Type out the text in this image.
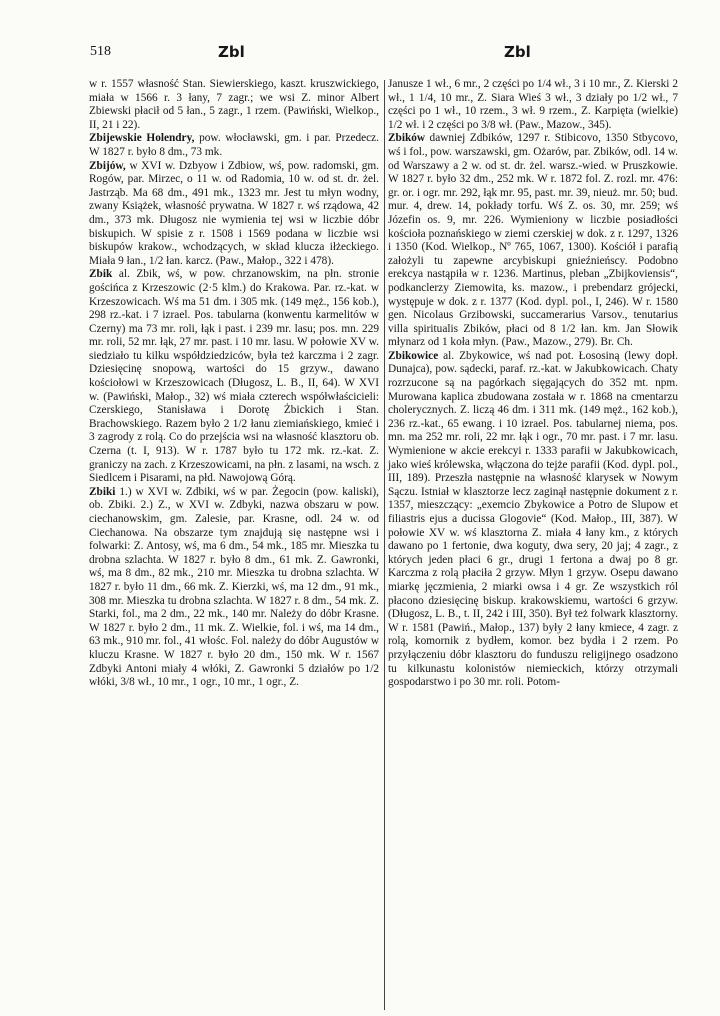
518	Zbl	Zbl

w r. 1557 własność Stan. Siewierskiego, kaszt. kruszwickiego, miała w 1566 r. 3 łany, 7 zagr.; we wsi Z. minor Albert Zbiewski płacił od 5 łan., 5 zagr., 1 rzem. (Pawiński, Wielkop., II, 21 i 22).

Zbijewskie Holendry, pow. włocławski, gm. i par. Przedecz. W 1827 r. było 8 dm., 73 mk.

Zbijów, w XVI w. Dzbyow i Zdbiow, wś, pow. radomski, gm. Rogów, par. Mirzec, o 11 w. od Radomia, 10 w. od st. dr. żel. Jastrząb. Ma 68 dm., 491 mk., 1323 mr. Jest tu młyn wodny, zwany Książek, własność prywatna. W 1827 r. wś rządowa, 42 dm., 373 mk. Długosz nie wymienia tej wsi w liczbie dóbr biskupich. W spisie z r. 1508 i 1569 podana w liczbie wsi biskupów krakow., wchodzących, w skład klucza iłżeckiego. Miała 9 łan., 1/2 łan. karcz. (Paw., Małop., 322 i 478).

Zbik al. Zbik, wś, w pow. chrzanowskim, na płn. stronie gościńca z Krzeszowic (2·5 klm.) do Krakowa. Par. rz.-kat. w Krzeszowicach. Wś ma 51 dm. i 305 mk. (149 męż., 156 kob.), 298 rz.-kat. i 7 izrael. Pos. tabularna (konwentu karmelitów w Czerny) ma 73 mr. roli, łąk i past. i 239 mr. lasu; pos. mn. 229 mr. roli, 52 mr. łąk, 27 mr. past. i 10 mr. lasu. W połowie XV w. siedziało tu kilku współdziedziców, była też karczma i 2 zagr. Dziesięcinę snopową, wartości do 15 grzyw., dawano kościołowi w Krzeszowicach (Długosz, L. B., II, 64). W XVI w. (Pawiński, Małop., 32) wś miała czterech współwłaścicieli: Czerskiego, Stanisława i Dorotę Żbickich i Stan. Brachowskiego. Razem było 2 1/2 łanu ziemiańskiego, kmieć i 3 zagrody z rolą. Co do przejścia wsi na własność klasztoru ob. Czerna (t. I, 913). W r. 1787 było tu 172 mk. rz.-kat. Z. graniczy na zach. z Krzeszowicami, na płn. z lasami, na wsch. z Siedlcem i Pisarami, na płd. Nawojową Górą.

Zbiki 1.) w XVI w. Zdbiki, wś w par. Żegocin (pow. kaliski), ob. Zbiki. 2.) Z., w XVI w. Zdbyki, nazwa obszaru w pow. ciechanowskim, gm. Zalesie, par. Krasne, odl. 24 w. od Ciechanowa. Na obszarze tym znajdują się następne wsi i folwarki: Z. Antosy, wś, ma 6 dm., 54 mk., 185 mr. Mieszka tu drobna szlachta. W 1827 r. było 8 dm., 61 mk. Z. Gawronki, wś, ma 8 dm., 82 mk., 210 mr. Mieszka tu drobna szlachta. W 1827 r. było 11 dm., 66 mk. Z. Kierzki, wś, ma 12 dm., 91 mk., 308 mr. Mieszka tu drobna szlachta. W 1827 r. 8 dm., 54 mk. Z. Starki, fol., ma 2 dm., 22 mk., 140 mr. Należy do dóbr Krasne. W 1827 r. było 2 dm., 11 mk. Z. Wielkie, fol. i wś, ma 14 dm., 63 mk., 910 mr. fol., 41 włośc. Fol. należy do dóbr Augustów w kluczu Krasne. W 1827 r. było 20 dm., 150 mk. W r. 1567 Zdbyki Antoni miały 4 włóki, Z. Gawronki 5 działów po 1/2 włóki, 3/8 wł., 10 mr., 1 ogr., 10 mr., 1 ogr., Z.

Janusze 1 wł., 6 mr., 2 części po 1/4 wł., 3 i 10 mr., Z. Kierski 2 wł., 1 1/4, 10 mr., Z. Siara Wieś 3 wł., 3 działy po 1/2 wł., 7 części po 1 wł., 10 rzem., 3 wł. 9 rzem., Z. Karpięta (wielkie) 1/2 wł. i 2 części po 3/8 wł. (Paw., Mazow., 345).

Zbików dawniej Zdbików, 1297 r. Stibicovo, 1350 Stbycovo, wś i fol., pow. warszawski, gm. Ożarów, par. Zbików, odl. 14 w. od Warszawy a 2 w. od st. dr. żel. warsz.-wied. w Pruszkowie. W 1827 r. było 32 dm., 252 mk. W r. 1872 fol. Z. rozl. mr. 476: gr. or. i ogr. mr. 292, łąk mr. 95, past. mr. 39, nieuż. mr. 50; bud. mur. 4, drew. 14, pokłady torfu. Wś Z. os. 30, mr. 259; wś Józefin os. 9, mr. 226. Wymieniony w liczbie posiadłości kościoła poznańskiego w ziemi czerskiej w dok. z r. 1297, 1326 i 1350 (Kod. Wielkop., Nº 765, 1067, 1300). Kościół i parafią założyli tu zapewne arcybiskupi gnieźnieńscy. Podobno erekcya nastąpiła w r. 1236. Martinus, pleban „Zbijkoviensis“, podkanclerzy Ziemowita, ks. mazow., i prebendarz grójecki, występuje w dok. z r. 1377 (Kod. dypl. pol., I, 246). W r. 1580 gen. Nicolaus Grzibowski, succamerarius Varsov., tenutarius villa spiritualis Zbików, płaci od 8 1/2 łan. km. Jan Słowik młynarz od 1 koła młyn. (Paw., Mazow., 279). Br. Ch.

Zbikowice al. Zbykowice, wś nad pot. Łososiną (lewy dopł. Dunajca), pow. sądecki, paraf. rz.-kat. w Jakubkowicach. Chaty rozrzucone są na pagórkach sięgających do 352 mt. npm. Murowana kaplica zbudowana została w r. 1868 na cmentarzu cholerycznych. Z. liczą 46 dm. i 311 mk. (149 męż., 162 kob.), 236 rz.-kat., 65 ewang. i 10 izrael. Pos. tabularnej niema, pos. mn. ma 252 mr. roli, 22 mr. łąk i ogr., 70 mr. past. i 7 mr. lasu. Wymienione w akcie erekcyi r. 1333 parafii w Jakubkowicach, jako wieś królewska, włączona do tejże parafii (Kod. dypl. pol., III, 189). Przeszła następnie na własność klarysek w Nowym Sączu. Istniał w klasztorze lecz zaginął następnie dokument z r. 1357, mieszczący: „exemcio Zbykowice a Potro de Slupow et filiastris ejus a ducissa Glogovie“ (Kod. Małop., III, 387). W połowie XV w. wś klasztorna Z. miała 4 łany km., z których dawano po 1 fertonie, dwa koguty, dwa sery, 20 jaj; 4 zagr., z których jeden płaci 6 gr., drugi 1 fertona a dwaj po 8 gr. Karczma z rolą płaciła 2 grzyw. Młyn 1 grzyw. Osepu dawano miarkę jęczmienia, 2 miarki owsa i 4 gr. Ze wszystkich ról płacono dziesięcinę biskup. krakowskiemu, wartości 6 grzyw. (Długosz, L. B., t. II, 242 i III, 350). Był też folwark klasztorny. W r. 1581 (Pawiń., Małop., 137) były 2 łany kmiece, 4 zagr. z rolą, komornik z bydłem, komor. bez bydła i 2 rzem. Po przyłączeniu dóbr klasztoru do funduszu religijnego osadzono tu kilkunastu kolonistów niemieckich, którzy otrzymali gospodarstwo i po 30 mr. roli. Potom-
